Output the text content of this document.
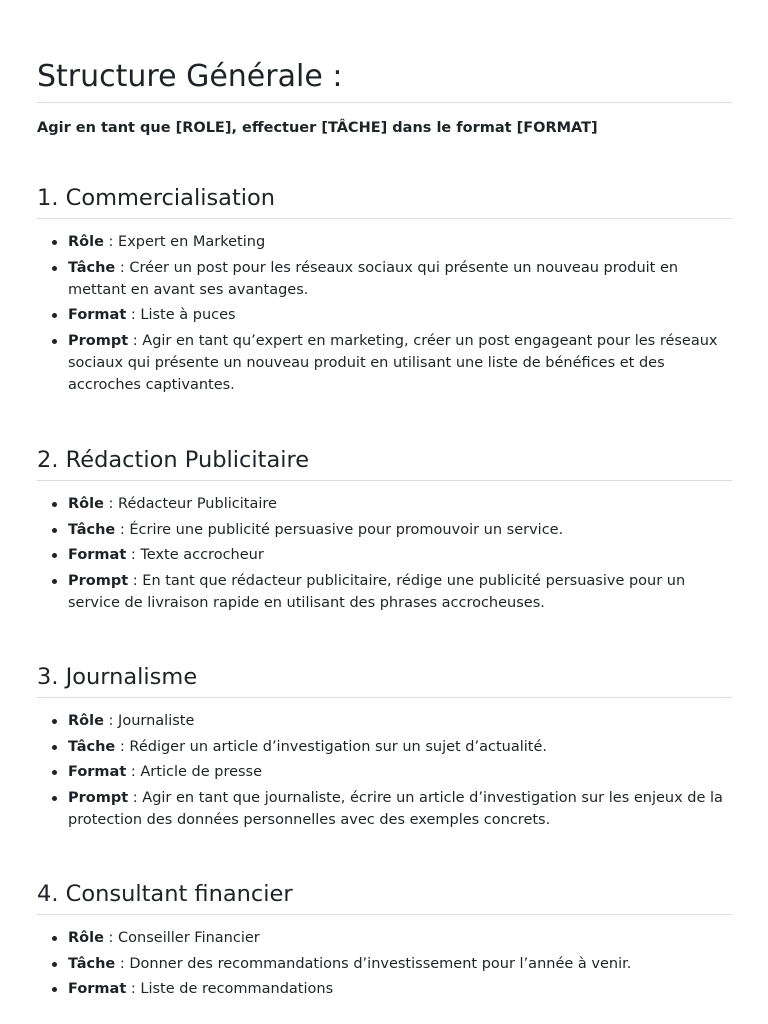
Structure Générale :

Agir en tant que [ROLE], effectuer [TÂCHE] dans le format [FORMAT]

1. Commercialisation
Rôle : Expert en Marketing
Tâche : Créer un post pour les réseaux sociaux qui présente un nouveau produit en mettant en avant ses avantages.
Format : Liste à puces
Prompt : Agir en tant qu’expert en marketing, créer un post engageant pour les réseaux sociaux qui présente un nouveau produit en utilisant une liste de bénéfices et des accroches captivantes.
2. Rédaction Publicitaire
Rôle : Rédacteur Publicitaire
Tâche : Écrire une publicité persuasive pour promouvoir un service.
Format : Texte accrocheur
Prompt : En tant que rédacteur publicitaire, rédige une publicité persuasive pour un service de livraison rapide en utilisant des phrases accrocheuses.
3. Journalisme
Rôle : Journaliste
Tâche : Rédiger un article d’investigation sur un sujet d’actualité.
Format : Article de presse
Prompt : Agir en tant que journaliste, écrire un article d’investigation sur les enjeux de la protection des données personnelles avec des exemples concrets.
4. Consultant financier
Rôle : Conseiller Financier
Tâche : Donner des recommandations d’investissement pour l’année à venir.
Format : Liste de recommandations
